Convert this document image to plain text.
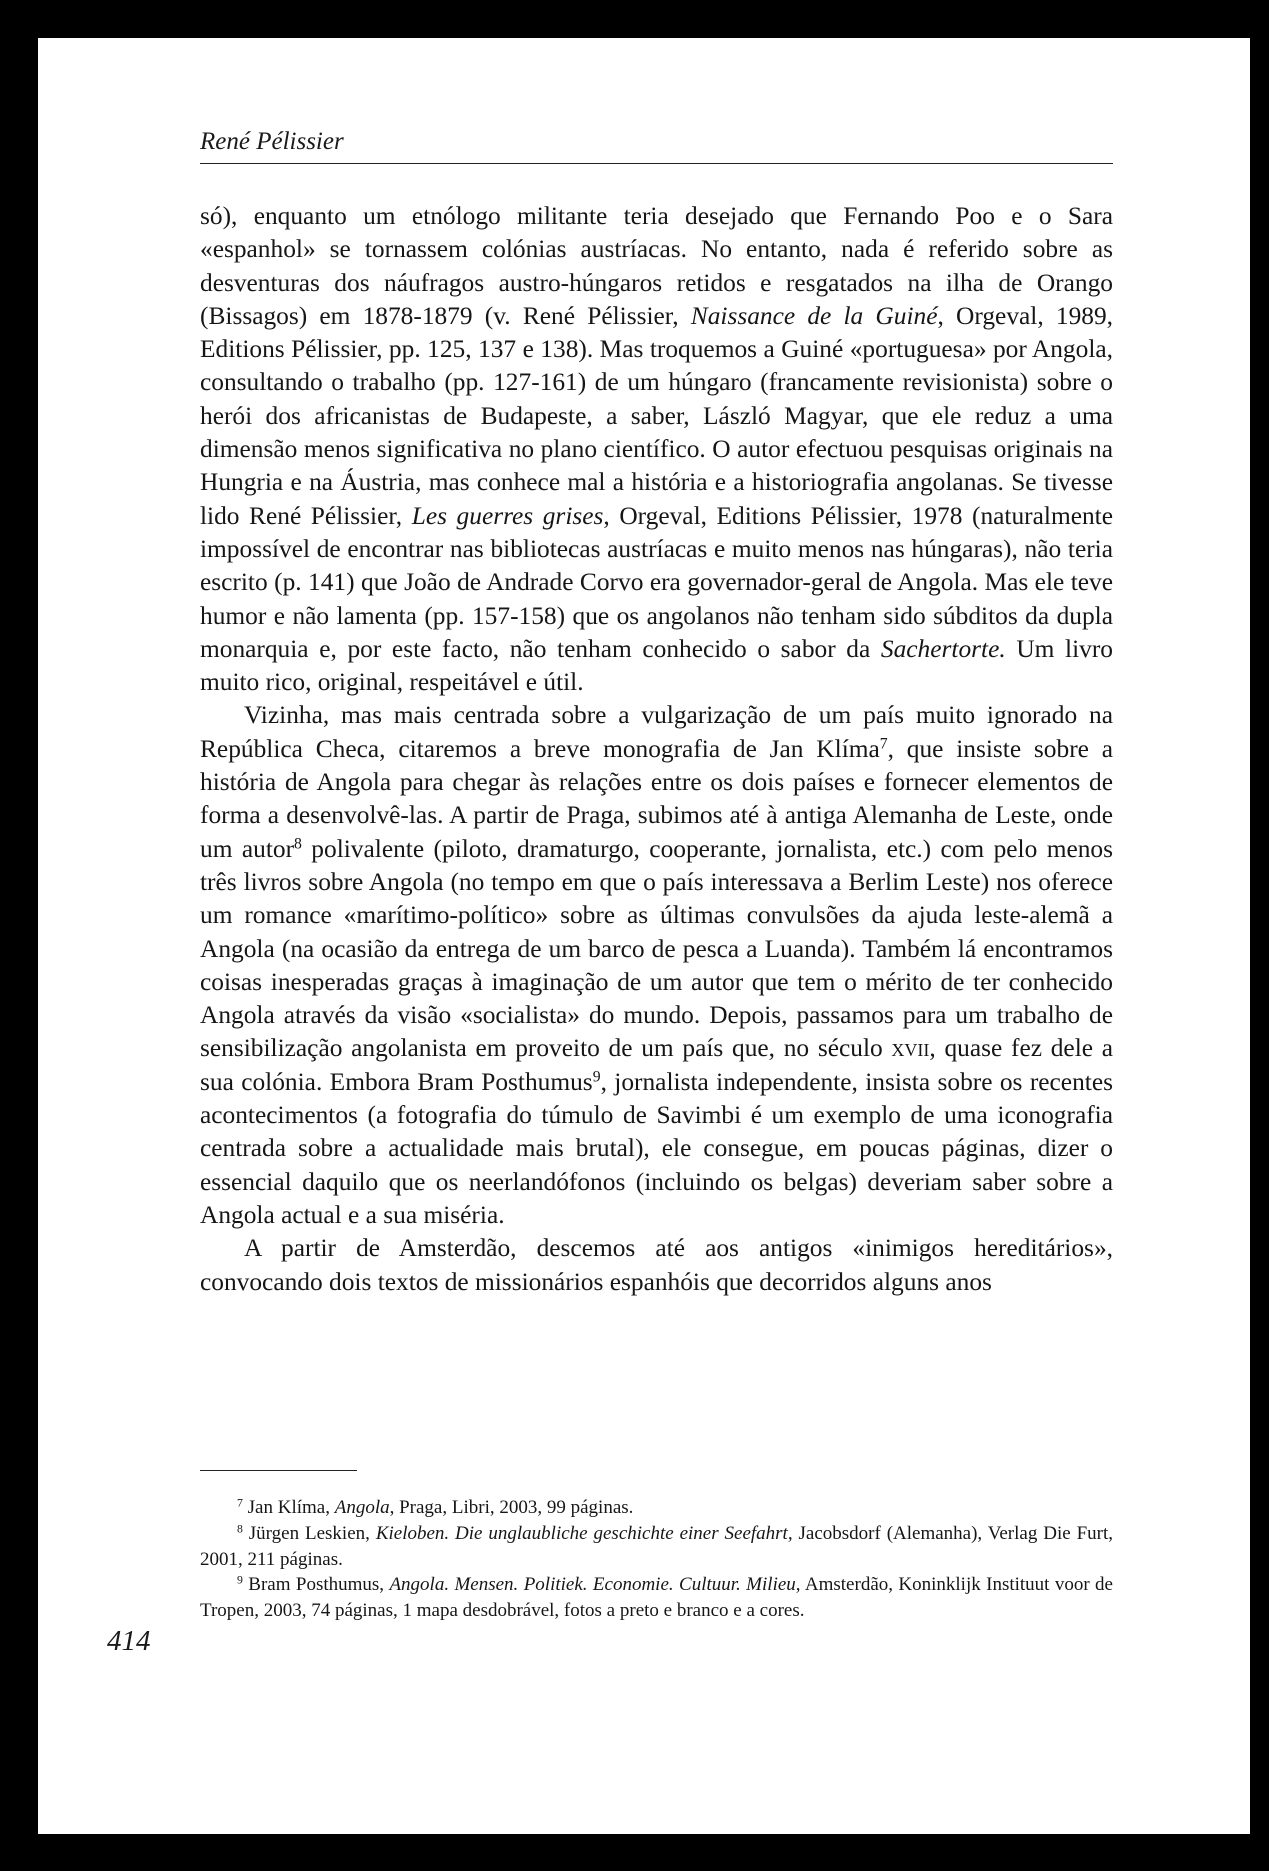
René Pélissier

só), enquanto um etnólogo militante teria desejado que Fernando Poo e o Sara «espanhol» se tornassem colónias austríacas. No entanto, nada é referido sobre as desventuras dos náufragos austro-húngaros retidos e resgatados na ilha de Orango (Bissagos) em 1878-1879 (v. René Pélissier, Naissance de la Guiné, Orgeval, 1989, Editions Pélissier, pp. 125, 137 e 138). Mas troquemos a Guiné «portuguesa» por Angola, consultando o trabalho (pp. 127-161) de um húngaro (francamente revisionista) sobre o herói dos africanistas de Budapeste, a saber, László Magyar, que ele reduz a uma dimensão menos significativa no plano científico. O autor efectuou pesquisas originais na Hungria e na Áustria, mas conhece mal a história e a historiografia angolanas. Se tivesse lido René Pélissier, Les guerres grises, Orgeval, Editions Pélissier, 1978 (naturalmente impossível de encontrar nas bibliotecas austríacas e muito menos nas húngaras), não teria escrito (p. 141) que João de Andrade Corvo era governador-geral de Angola. Mas ele teve humor e não lamenta (pp. 157-158) que os angolanos não tenham sido súbditos da dupla monarquia e, por este facto, não tenham conhecido o sabor da Sachertorte. Um livro muito rico, original, respeitável e útil.

Vizinha, mas mais centrada sobre a vulgarização de um país muito ignorado na República Checa, citaremos a breve monografia de Jan Klíma$^7$, que insiste sobre a história de Angola para chegar às relações entre os dois países e fornecer elementos de forma a desenvolvê-las. A partir de Praga, subimos até à antiga Alemanha de Leste, onde um autor$^8$ polivalente (piloto, dramaturgo, cooperante, jornalista, etc.) com pelo menos três livros sobre Angola (no tempo em que o país interessava a Berlim Leste) nos oferece um romance «marítimo-político» sobre as últimas convulsões da ajuda leste-alemã a Angola (na ocasião da entrega de um barco de pesca a Luanda). Também lá encontramos coisas inesperadas graças à imaginação de um autor que tem o mérito de ter conhecido Angola através da visão «socialista» do mundo. Depois, passamos para um trabalho de sensibilização angolanista em proveito de um país que, no século xvii, quase fez dele a sua colónia. Embora Bram Posthumus$^9$, jornalista independente, insista sobre os recentes acontecimentos (a fotografia do túmulo de Savimbi é um exemplo de uma iconografia centrada sobre a actualidade mais brutal), ele consegue, em poucas páginas, dizer o essencial daquilo que os neerlandófonos (incluindo os belgas) deveriam saber sobre a Angola actual e a sua miséria.

A partir de Amsterdão, descemos até aos antigos «inimigos hereditários», convocando dois textos de missionários espanhóis que decorridos alguns anos

$^7$ Jan Klíma, Angola, Praga, Libri, 2003, 99 páginas.

$^8$ Jürgen Leskien, Kieloben. Die unglaubliche geschichte einer Seefahrt, Jacobsdorf (Alemanha), Verlag Die Furt, 2001, 211 páginas.

$^9$ Bram Posthumus, Angola. Mensen. Politiek. Economie. Cultuur. Milieu, Amsterdão, Koninklijk Instituut voor de Tropen, 2003, 74 páginas, 1 mapa desdobrável, fotos a preto e branco e a cores.

414
